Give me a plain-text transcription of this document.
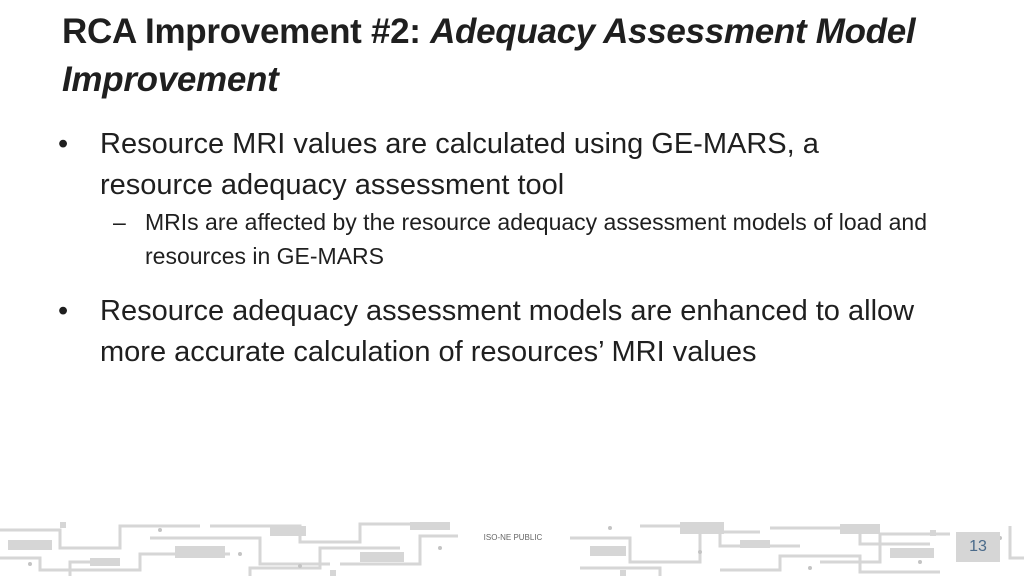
RCA Improvement #2: Adequacy Assessment Model Improvement
•	Resource MRI values are calculated using GE-MARS, a resource adequacy assessment tool
– MRIs are affected by the resource adequacy assessment models of load and resources in GE-MARS
•	Resource adequacy assessment models are enhanced to allow more accurate calculation of resources’ MRI values
ISO-NE PUBLIC
13
